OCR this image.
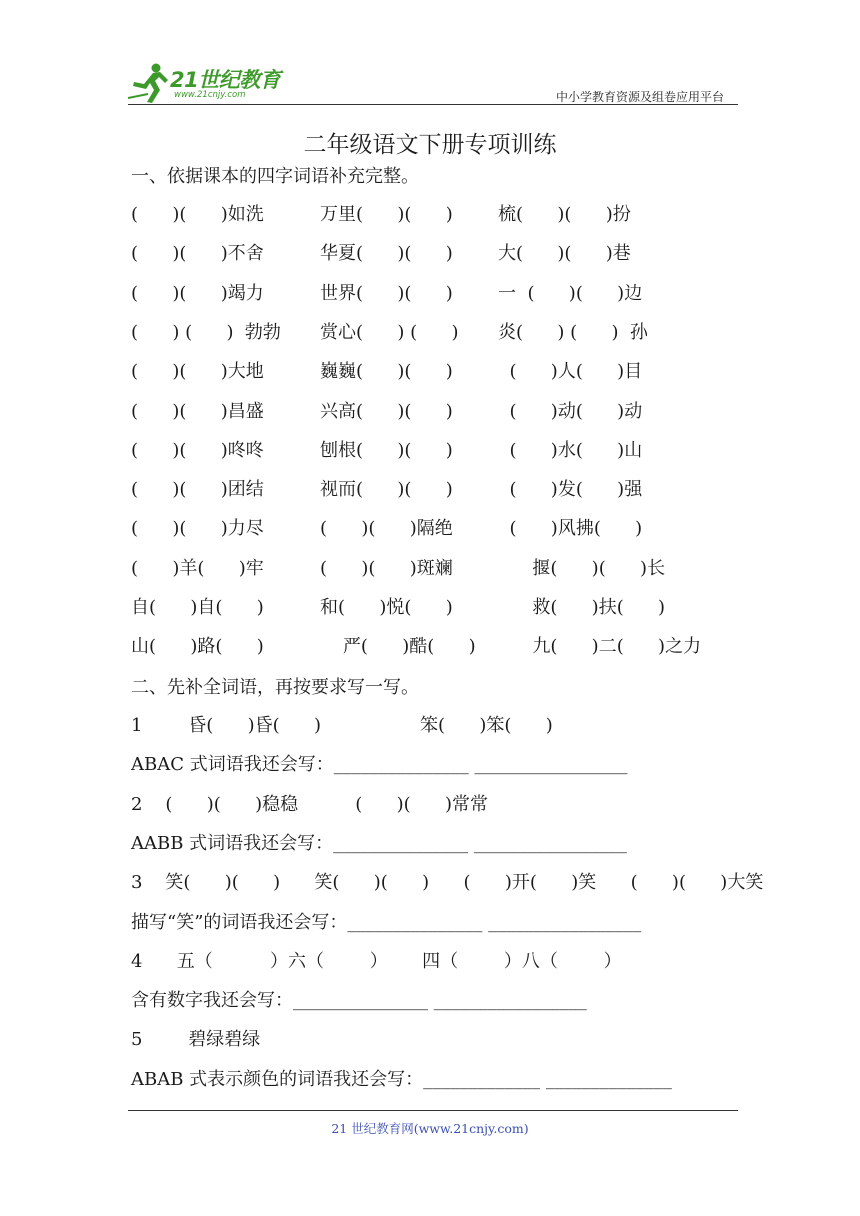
21世纪教育
www.21cnjy.com	中小学教育资源及组卷应用平台
二年级语文下册专项训练
一、依据课本的四字词语补充完整。
(      )(      )如洗	万里(      )(      )	梳(      )(      )扮
(      )(      )不舍	华夏(      )(      )	大(      )(      )巷
(      )(      )竭力	世界(      )(      )	一  (      )(      )边
(      ) (      )  勃勃 赏心(      ) (      ) 炎(      ) (      )  孙
(      )(      )大地	巍巍(      )(      )	(      )人(      )目
(      )(      )昌盛	兴高(      )(      )	(      )动(      )动
(      )(      )咚咚	刨根(      )(      )	(      )水(      )山
(      )(      )团结	视而(      )(      )	(      )发(      )强
(      )(      )力尽	(      )(      )隔绝	(      )风拂(      )
(      )羊(      )牢	(      )(      )斑斓	揠(      )(      )长
自(      )自(      )	和(      )悦(      )	救(      )扶(      )
山(      )路(      )	严(      )酷(      ) 九(      )二(      )之力
二、先补全词语，再按要求写一写。
1        昏(      )昏(      )	笨(      )笨(      )
ABAC 式词语我还会写：_______________ _________________
2    (      )(      )稳稳          (      )(      )常常
AABB 式词语我还会写：_______________ _________________
3    笑(      )(      )      笑(      )(      )      (      )开(      )笑      (      )(      )大笑
描写“笑”的词语我还会写：_______________ _________________
4      五（          ）六（        ）      四（        ）八（        ）
含有数字我还会写：_______________ _________________
5        碧绿碧绿
ABAB 式表示颜色的词语我还会写：_____________ ______________
21 世纪教育网(www.21cnjy.com)
